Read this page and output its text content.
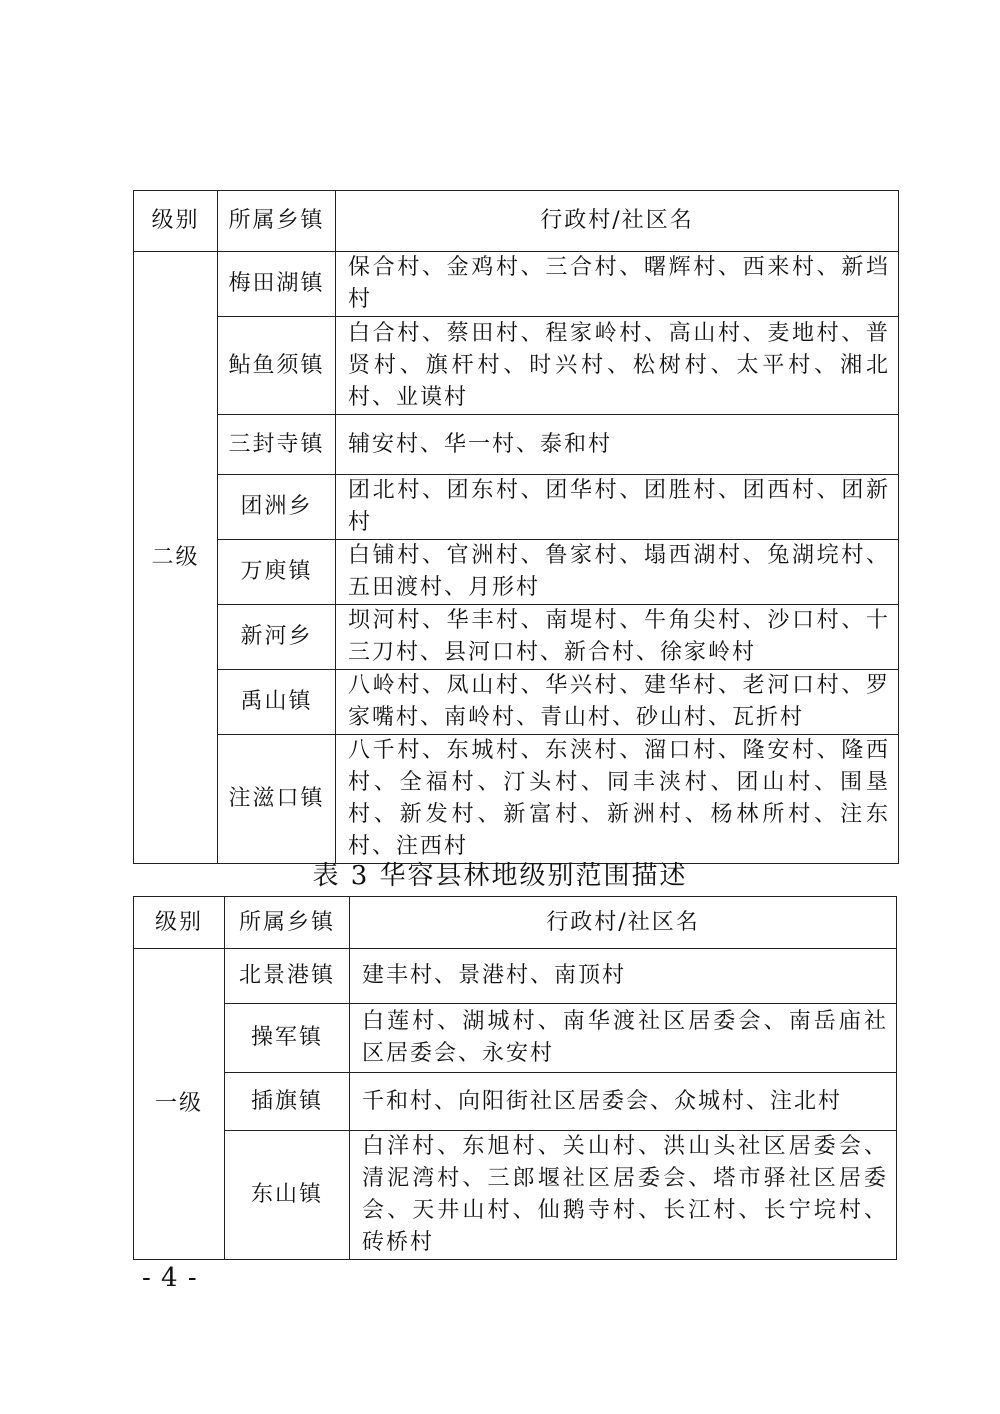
级别	所属乡镇	行政村/社区名
二级	梅田湖镇	保合村、金鸡村、三合村、曙辉村、西来村、新垱村
	鲇鱼须镇	白合村、蔡田村、程家岭村、高山村、麦地村、普贤村、旗杆村、时兴村、松树村、太平村、湘北村、业谟村
	三封寺镇	辅安村、华一村、泰和村
	团洲乡	团北村、团东村、团华村、团胜村、团西村、团新村
	万庾镇	白铺村、官洲村、鲁家村、塌西湖村、兔湖垸村、五田渡村、月形村
	新河乡	坝河村、华丰村、南堤村、牛角尖村、沙口村、十三刀村、县河口村、新合村、徐家岭村
	禹山镇	八岭村、凤山村、华兴村、建华村、老河口村、罗家嘴村、南岭村、青山村、砂山村、瓦折村
	注滋口镇	八千村、东城村、东浃村、溜口村、隆安村、隆西村、全福村、汀头村、同丰浃村、团山村、围垦村、新发村、新富村、新洲村、杨林所村、注东村、注西村
表 3 华容县林地级别范围描述
级别	所属乡镇	行政村/社区名
一级	北景港镇	建丰村、景港村、南顶村
	操军镇	白莲村、湖城村、南华渡社区居委会、南岳庙社区居委会、永安村
	插旗镇	千和村、向阳街社区居委会、众城村、注北村
	东山镇	白洋村、东旭村、关山村、洪山头社区居委会、清泥湾村、三郎堰社区居委会、塔市驿社区居委会、天井山村、仙鹅寺村、长江村、长宁垸村、砖桥村
- 4 -
